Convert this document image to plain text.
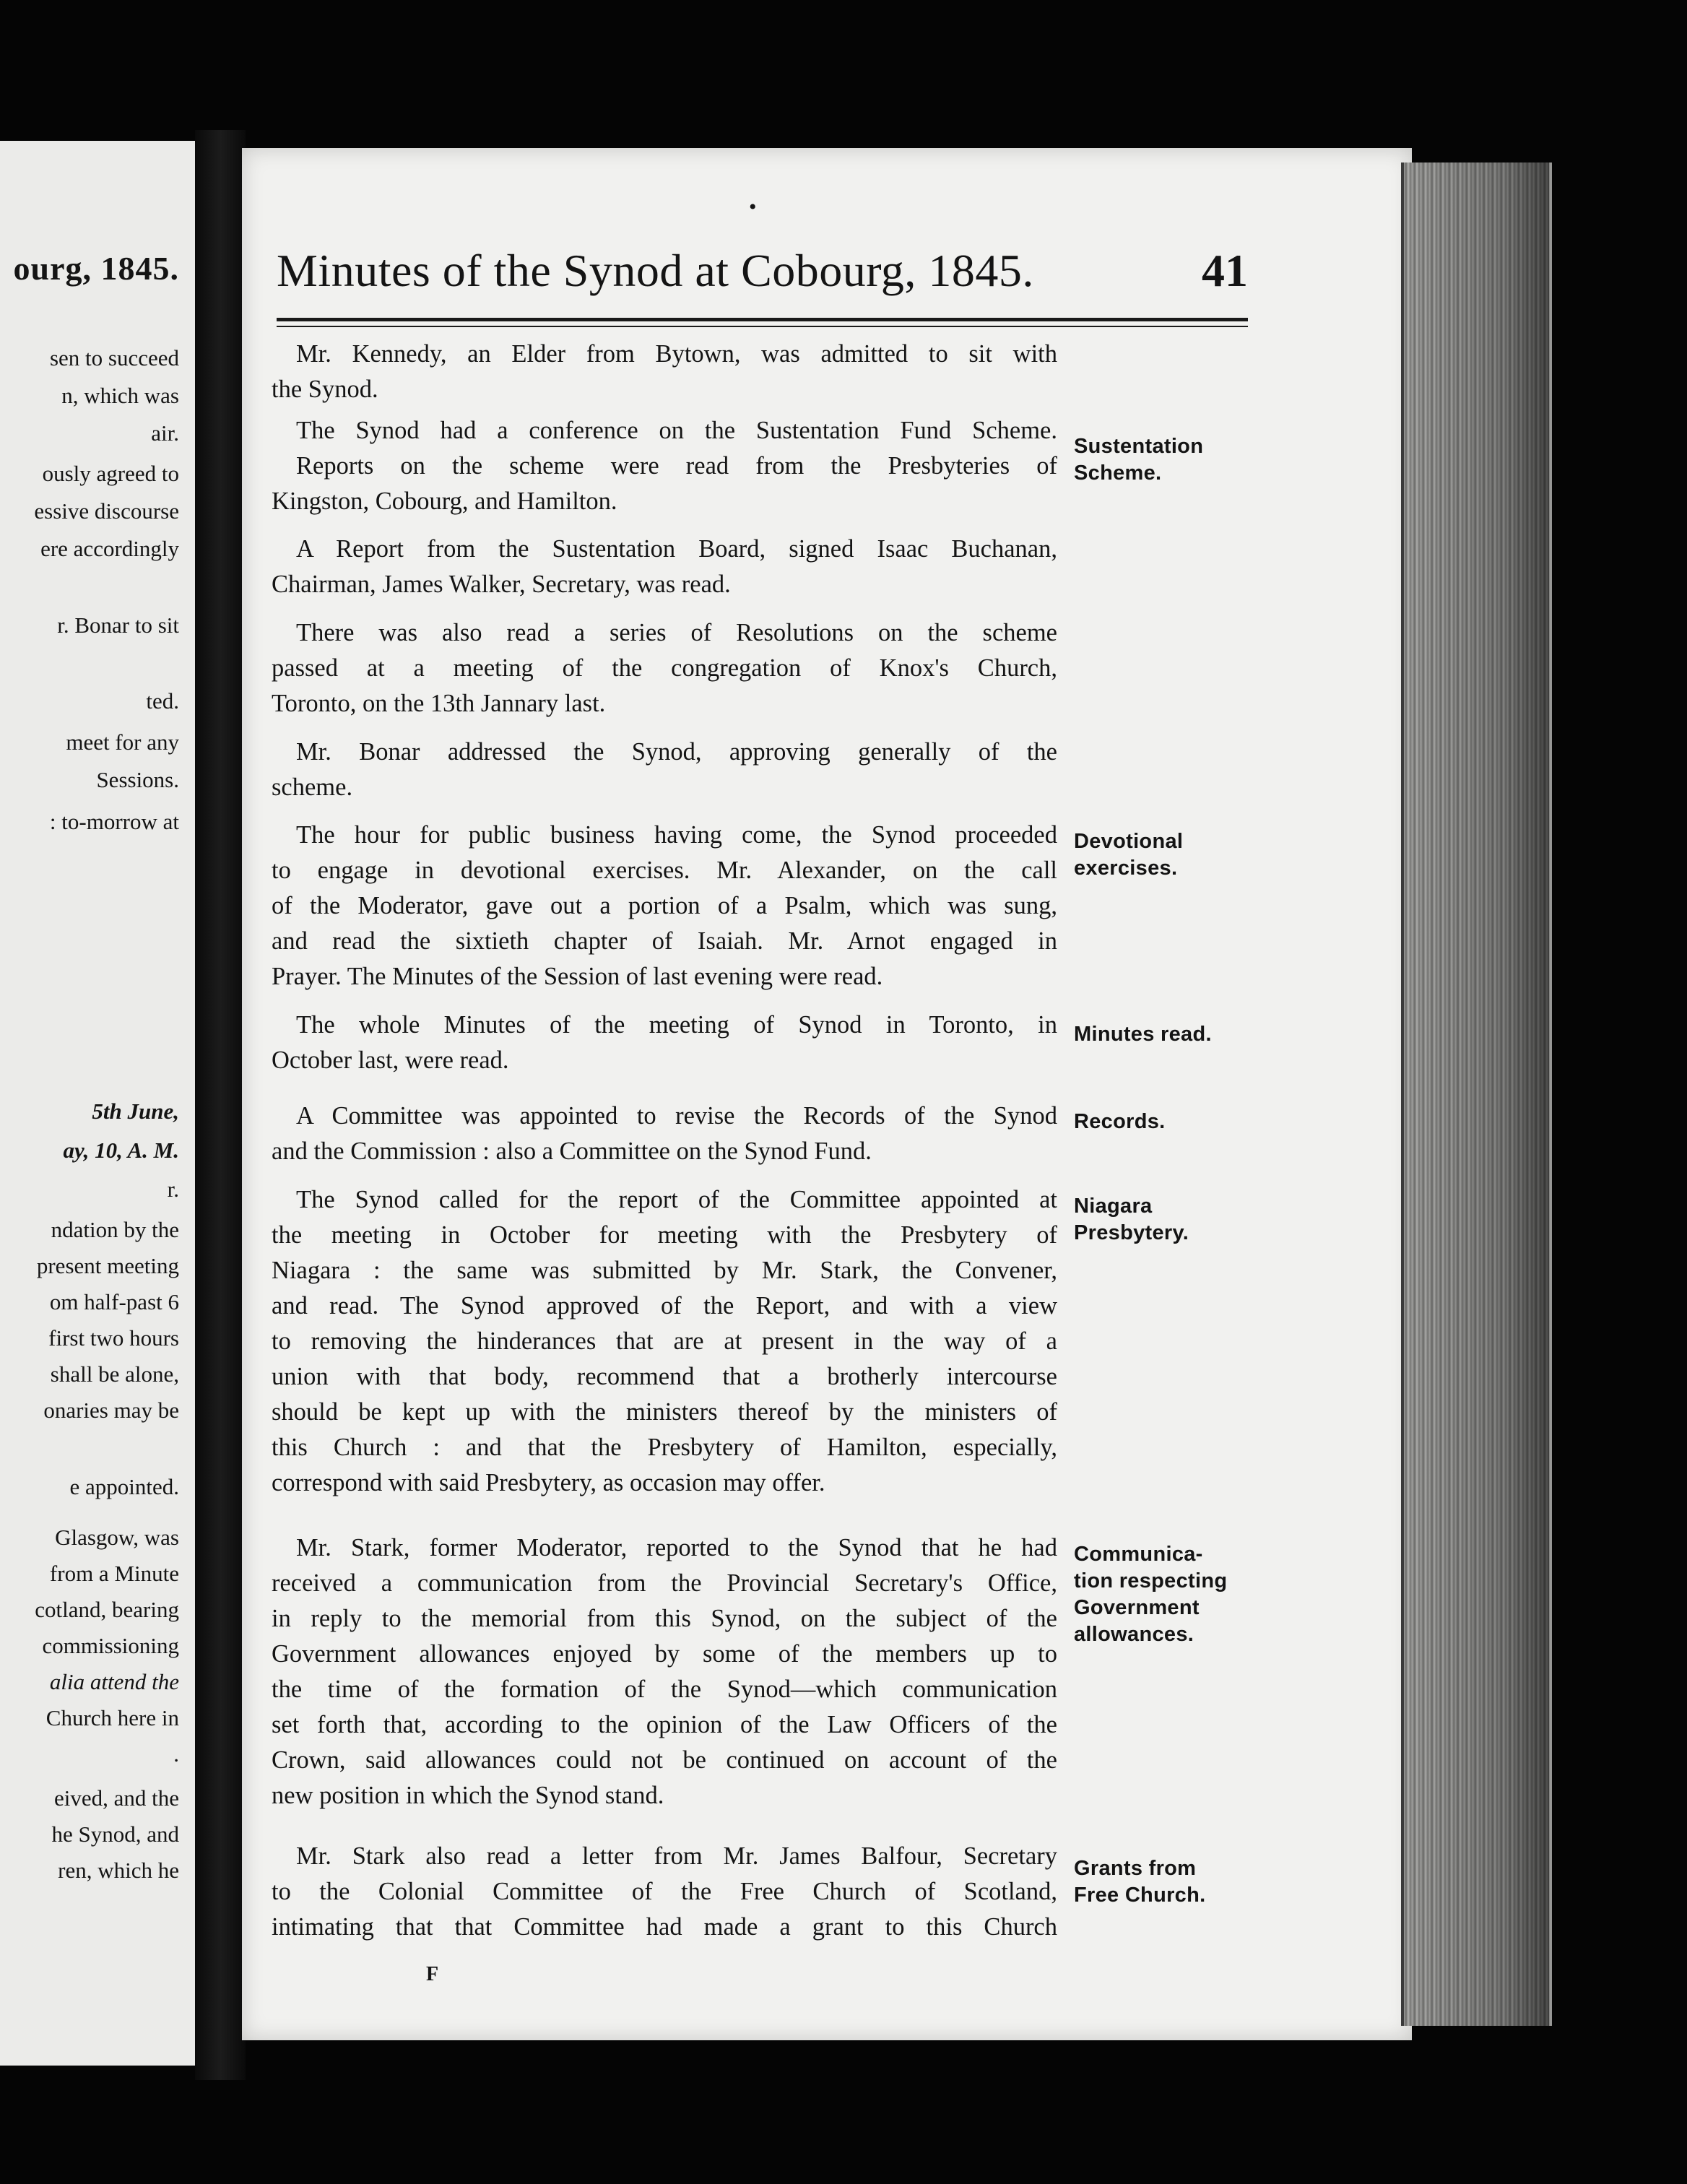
ourg, 1845.
sen to succeed
n, which was
air.
ously agreed to
essive discourse
ere accordingly
r. Bonar to sit
ted.
meet for any
Sessions.
: to-morrow at
5th June,
ay, 10, A. M.
r.
ndation by the
present meeting
om half-past 6
first two hours
shall be alone,
onaries may be
e appointed.
Glasgow, was
from a Minute
cotland, bearing
commissioning
alia attend the
Church here in
.
eived, and the
he Synod, and
ren, which he
•
Minutes of the Synod at Cobourg, 1845.	41
Mr. Kennedy, an Elder from Bytown, was admitted to sit with
the Synod.
The Synod had a conference on the Sustentation Fund Scheme.
Reports on the scheme were read from the Presbyteries of
Kingston, Cobourg, and Hamilton.
A Report from the Sustentation Board, signed Isaac Buchanan,
Chairman, James Walker, Secretary, was read.
There was also read a series of Resolutions on the scheme
passed at a meeting of the congregation of Knox's Church,
Toronto, on the 13th Jannary last.
Mr. Bonar addressed the Synod, approving generally of the
scheme.
The hour for public business having come, the Synod proceeded
to engage in devotional exercises. Mr. Alexander, on the call
of the Moderator, gave out a portion of a Psalm, which was sung,
and read the sixtieth chapter of Isaiah. Mr. Arnot engaged in
Prayer. The Minutes of the Session of last evening were read.
The whole Minutes of the meeting of Synod in Toronto, in
October last, were read.
A Committee was appointed to revise the Records of the Synod
and the Commission : also a Committee on the Synod Fund.
The Synod called for the report of the Committee appointed at
the meeting in October for meeting with the Presbytery of
Niagara : the same was submitted by Mr. Stark, the Convener,
and read. The Synod approved of the Report, and with a view
to removing the hinderances that are at present in the way of a
union with that body, recommend that a brotherly intercourse
should be kept up with the ministers thereof by the ministers of
this Church : and that the Presbytery of Hamilton, especially,
correspond with said Presbytery, as occasion may offer.
Mr. Stark, former Moderator, reported to the Synod that he had
received a communication from the Provincial Secretary's Office,
in reply to the memorial from this Synod, on the subject of the
Government allowances enjoyed by some of the members up to
the time of the formation of the Synod—which communication
set forth that, according to the opinion of the Law Officers of the
Crown, said allowances could not be continued on account of the
new position in which the Synod stand.
Mr. Stark also read a letter from Mr. James Balfour, Secretary
to the Colonial Committee of the Free Church of Scotland,
intimating that that Committee had made a grant to this Church
Sustentation
Scheme.
Devotional
exercises.
Minutes read.
Records.
Niagara
Presbytery.
Communica-
tion respecting
Government
allowances.
Grants from
Free Church.
F
